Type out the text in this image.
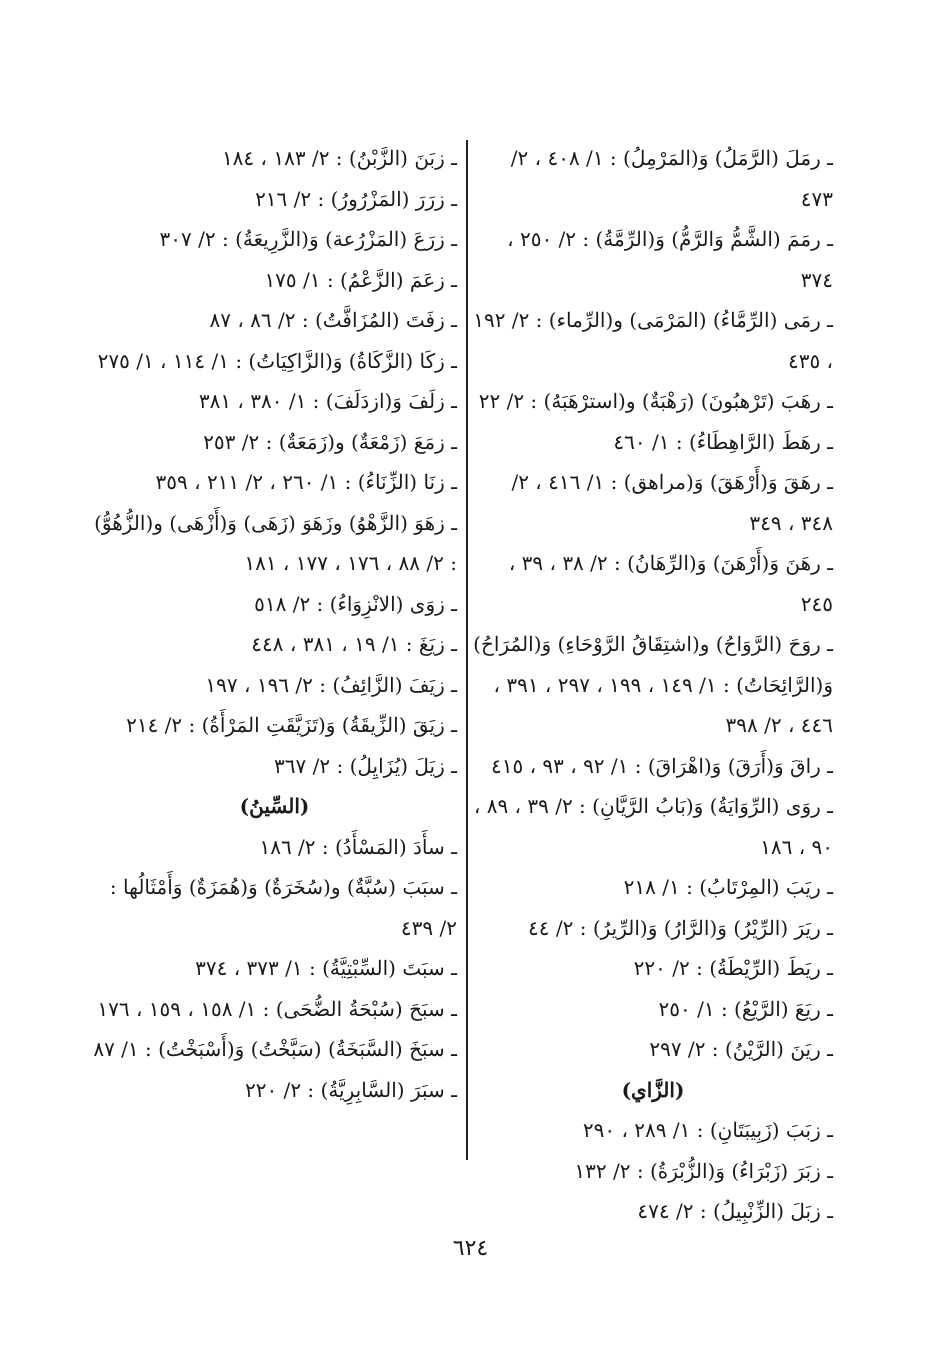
ـ رمَلَ (الرَّمَلُ) وَ(المَرْمِلُ) : ١/ ٤٠٨ ، ٢/ ٤٧٣
ـ رمَمَ (الشَّمُّ وَالرَّمُّ) وَ(الرِّمَّةُ) : ٢/ ٢٥٠ ، ٣٧٤
ـ رمَى (الرِّمَّاءُ) (المَرْمَى) و(الرِّماء) : ٢/ ١٩٢ ، ٤٣٥
ـ رهَبَ (تَرْهبُونَ) (رَهْبَةٌ) و(استرْهَبَهُ) : ٢/ ٢٢
ـ رهَطَ (الرَّاهِطَاءُ) : ١/ ٤٦٠
ـ رهَقَ وَ(أَرْهَقَ) وَ(مراهق) : ١/ ٤١٦ ، ٢/ ٣٤٨ ، ٣٤٩
ـ رهَنَ وَ(أَرْهَنَ) وَ(الرِّهَانُ) : ٢/ ٣٨ ، ٣٩ ، ٢٤٥
ـ روَحَ (الرَّوَاحُ) و(اشتِقَاقُ الرَّوْحَاءِ) وَ(المُرَاحُ) وَ(الرَّائِحَاتُ) : ١/ ١٤٩ ، ١٩٩ ، ٢٩٧ ، ٣٩١ ، ٤٤٦ ، ٢/ ٣٩٨
ـ راقَ وَ(أَرَقَ) وَ(اهْرَاقَ) : ١/ ٩٢ ، ٩٣ ، ٤١٥
ـ روَى (الرِّوَايَةُ) وَ(بَابُ الرَّيَّانِ) : ٢/ ٣٩ ، ٨٩ ، ٩٠ ، ١٨٦
ـ ريَبَ (المِرْتَابُ) : ١/ ٢١٨
ـ ريَرَ (الرِّيْرُ) وَ(الرَّارُ) وَ(الرِّيرُ) : ٢/ ٤٤
ـ ريَطَ (الرِّيْطَةُ) : ٢/ ٢٢٠
ـ ريَعَ (الرَّيْعُ) : ١/ ٢٥٠
ـ ريَنَ (الرَّيْنُ) : ٢/ ٢٩٧
(الزَّاي)
ـ زبَبَ (زَبِيبَتَانِ) : ١/ ٢٨٩ ، ٢٩٠
ـ زبَرَ (زَبْرَاءُ) وَ(الزُّبْرَةُ) : ٢/ ١٣٢
ـ زبَلَ (الزِّنْبِيلُ) : ٢/ ٤٧٤
ـ زبَنَ (الزَّبْنُ) : ٢/ ١٨٣ ، ١٨٤
ـ زرَرَ (المَزْرُورُ) : ٢/ ٢١٦
ـ زرَعَ (المَزْرُعة) وَ(الزَّرِيعَةُ) : ٢/ ٣٠٧
ـ زعَمَ (الزَّعْمُ) : ١/ ١٧٥
ـ زفَتَ (المُزَافَّتُ) : ٢/ ٨٦ ، ٨٧
ـ زكَا (الزَّكَاةُ) وَ(الزَّاكِيَاتُ) : ١/ ١١٤ ، ١/ ٢٧٥
ـ زلَفَ وَ(ازدَلَفَ) : ١/ ٣٨٠ ، ٣٨١
ـ زمَعَ (زَمْعَةٌ) و(زَمَعَةٌ) : ٢/ ٢٥٣
ـ زنَا (الزِّنَاءُ) : ١/ ٢٦٠ ، ٢/ ٢١١ ، ٣٥٩
ـ زهَوَ (الزَّهْوُ) وزَهَوَ (زَهَى) وَ(أَزْهَى) و(الزُّهُوُّ) : ٢/ ٨٨ ، ١٧٦ ، ١٧٧ ، ١٨١
ـ زوَى (الانْزِوَاءُ) : ٢/ ٥١٨
ـ زيَغَ : ١/ ١٩ ، ٣٨١ ، ٤٤٨
ـ زيَفَ (الزَّائِفُ) : ٢/ ١٩٦ ، ١٩٧
ـ زيَقَ (الزِّيقَةُ) وَ(تَزَيَّقَتِ المَرْأَةُ) : ٢/ ٢١٤
ـ زيَلَ (يُزَايِلُ) : ٢/ ٣٦٧
(السِّينُ)
ـ سأَدَ (المَسْأَدُ) : ٢/ ١٨٦
ـ سبَبَ (سُبَّةٌ) و(سُخَرَةٌ) وَ(هُمَزَةٌ) وَأَمْثَالُها : ٢/ ٤٣٩
ـ سبَتَ (السِّبْتِيَّةُ) : ١/ ٣٧٣ ، ٣٧٤
ـ سبَحَ (سُبْحَةُ الضُّحَى) : ١/ ١٥٨ ، ١٥٩ ، ١٧٦
ـ سبَخَ (السَّبَخَةُ) (سَبَّخْتُ) وَ(أَسْبَخْتُ) : ١/ ٨٧
ـ سبَرَ (السَّابِرِيَّةُ) : ٢/ ٢٢٠
٦٢٤
